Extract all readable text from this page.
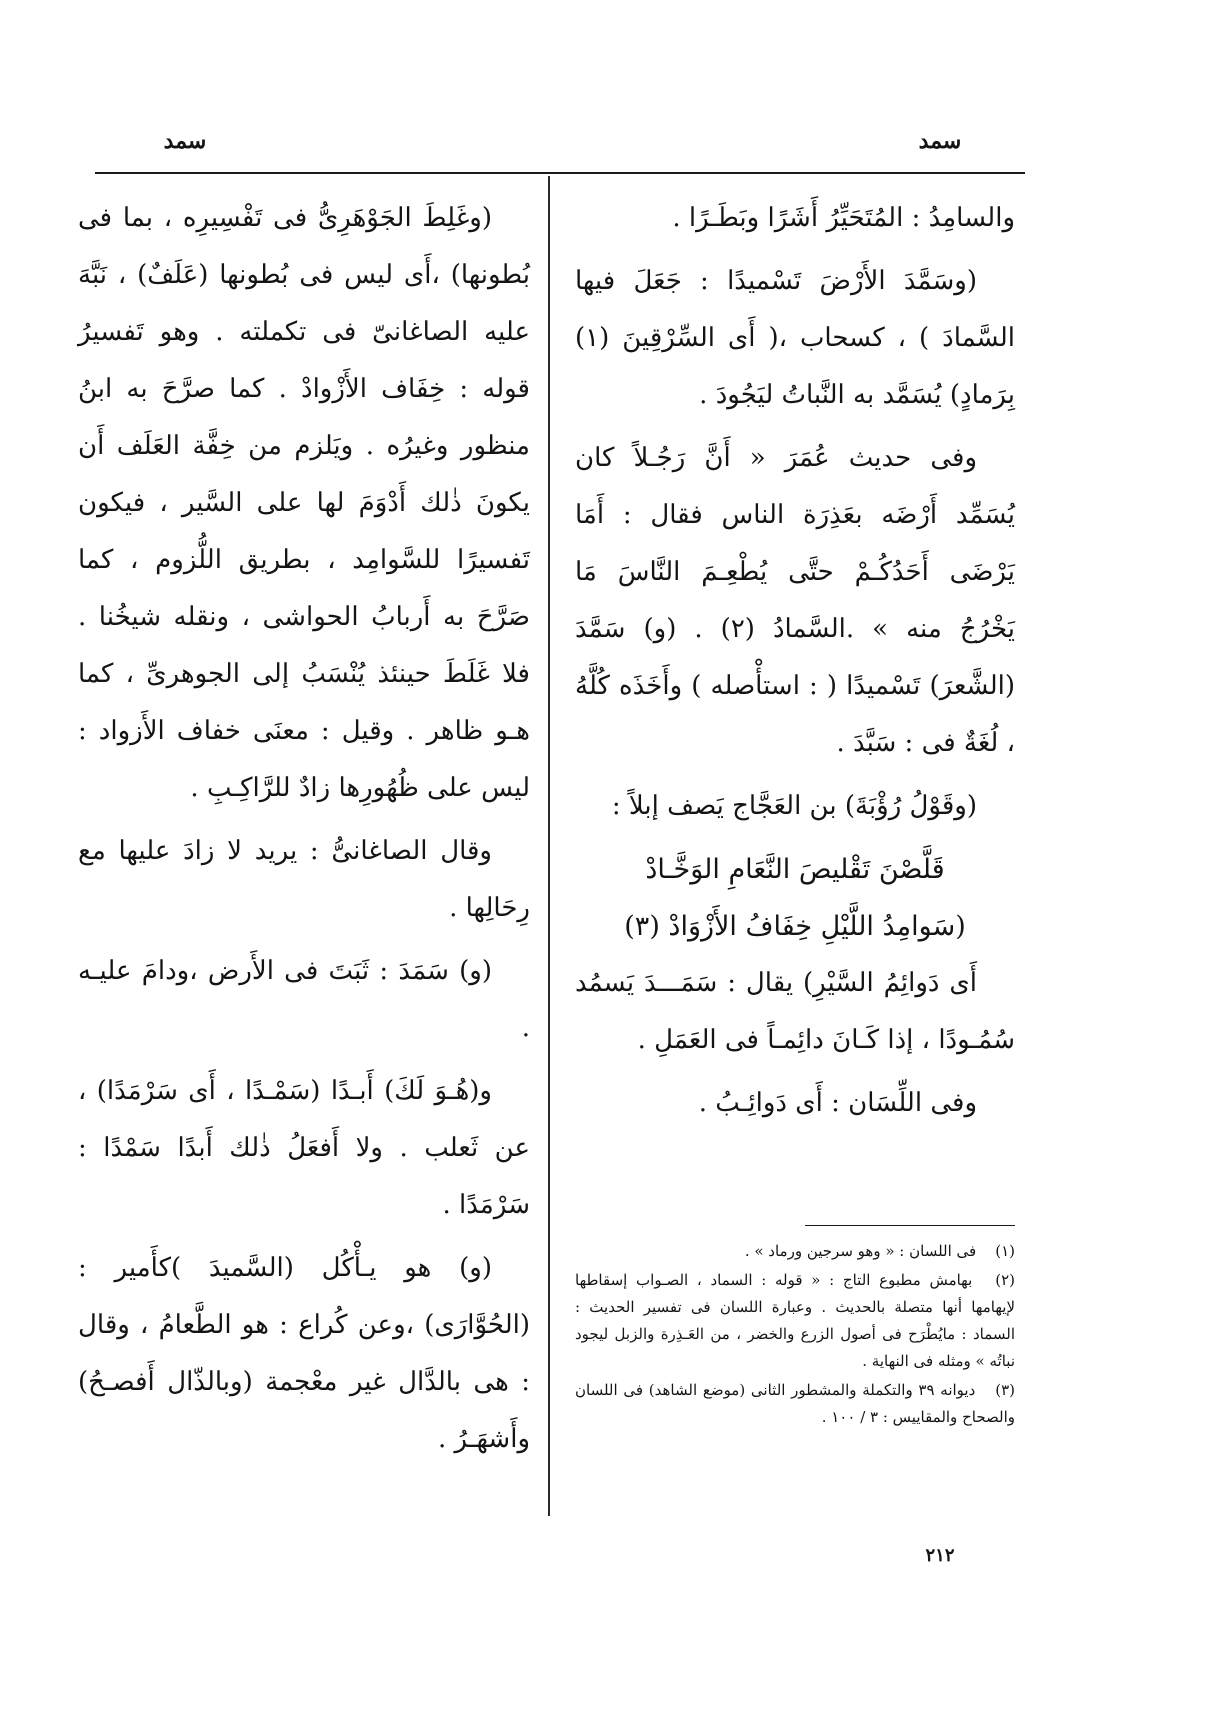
سمد
سمد

والسامِدُ : المُتَحَيِّرُ أَشَرًا وبَطَـرًا .

(وسَمَّدَ الأَرْضَ تَسْميدًا : جَعَلَ فيها السَّمادَ ) ، كسحاب ،( أَى السِّرْقِينَ (١) بِرَمادٍ) يُسَمَّد به النَّباتُ ليَجُودَ .

وفى حديث عُمَرَ « أَنَّ رَجُـلاً كان يُسَمِّد أَرْضَه بعَذِرَة الناس فقال : أَمَا يَرْضَى أَحَدُكُـمْ حتَّى يُطْعِـمَ النَّاسَ مَا يَخْرُجُ منه » .السَّمادُ (٢) . (و) سَمَّدَ (الشَّعرَ) تَسْميدًا ( : استأْصله ) وأَخَذَه كُلَّهُ ، لُغَةٌ فى : سَبَّدَ .

(وقَوْلُ رُؤْبَةَ) بن العَجَّاج يَصف إبلاً :

قَلَّصْنَ تَقْليصَ النَّعَامِ الوَخَّـادْ

(سَوامِدُ اللَّيْلِ خِفَافُ الأَزْوَادْ (٣)

أَى دَوائِمُ السَّيْرِ) يقال : سَمَـــدَ يَسمُد سُمُـودًا ، إذا كَـانَ دائِمـاً فى العَمَلِ .

وفى اللِّسَان : أَى دَوائِـبُ .

(وغَلِطَ الجَوْهَرِىُّ فى تَفْسِيرِه ، بما فى بُطونها) ،أَى ليس فى بُطونها (عَلَفٌ) ، نَبَّهَ عليه الصاغانىّ فى تكملته . وهو تَفسيرُ قوله : خِفَاف الأَزْوادْ . كما صرَّحَ به ابنُ منظور وغيرُه . ويَلزم من خِفَّة العَلَف أَن يكونَ ذٰلك أَدْوَمَ لها على السَّير ، فيكون تَفسيرًا للسَّوامِد ، بطريق اللُّزوم ، كما صَرَّحَ به أَربابُ الحواشى ، ونقله شيخُنا . فلا غَلَطَ حينئذ يُنْسَبُ إلى الجوهرىِّ ، كما هـو ظاهر . وقيل : معنَى خفاف الأَزواد : ليس على ظُهُورِها زادٌ للرَّاكِـبِ .

وقال الصاغانىُّ : يريد لا زادَ عليها مع رِحَالِها .

(و) سَمَدَ : ثَبَتَ فى الأَرض ،ودامَ عليـه .

و(هُـوَ لَكَ) أَبـدًا (سَمْـدًا ، أَى سَرْمَدًا) ، عن ثَعلب . ولا أَفعَلُ ذٰلك أَبدًا سَمْدًا : سَرْمَدًا .

(و) هو يـأْكُل (السَّميدَ )كأَمير : (الحُوَّارَى) ،وعن كُراع : هو الطَّعامُ ، وقال : هى بالدَّال غير معْجمة (وبالذّال أَفصـحُ) وأَشهَـرُ .

(١) فى اللسان : « وهو سرجين ورماد » .

(٢) بهامش مطبوع التاج : « قوله : السماد ، الصـواب إسقاطها لإيهامها أنها متصلة بالحديث . وعبارة اللسان فى تفسير الحديث : السماد : مايُطْرَح فى أصول الزرع والخضر ، من العَـذِرة والزبل ليجود نباتُه » ومثله فى النهاية .

(٣) ديوانه ٣٩ والتكملة والمشطور الثانى (موضع الشاهد) فى اللسان والصحاح والمقاييس : ٣ / ١٠٠ .

٢١٢
